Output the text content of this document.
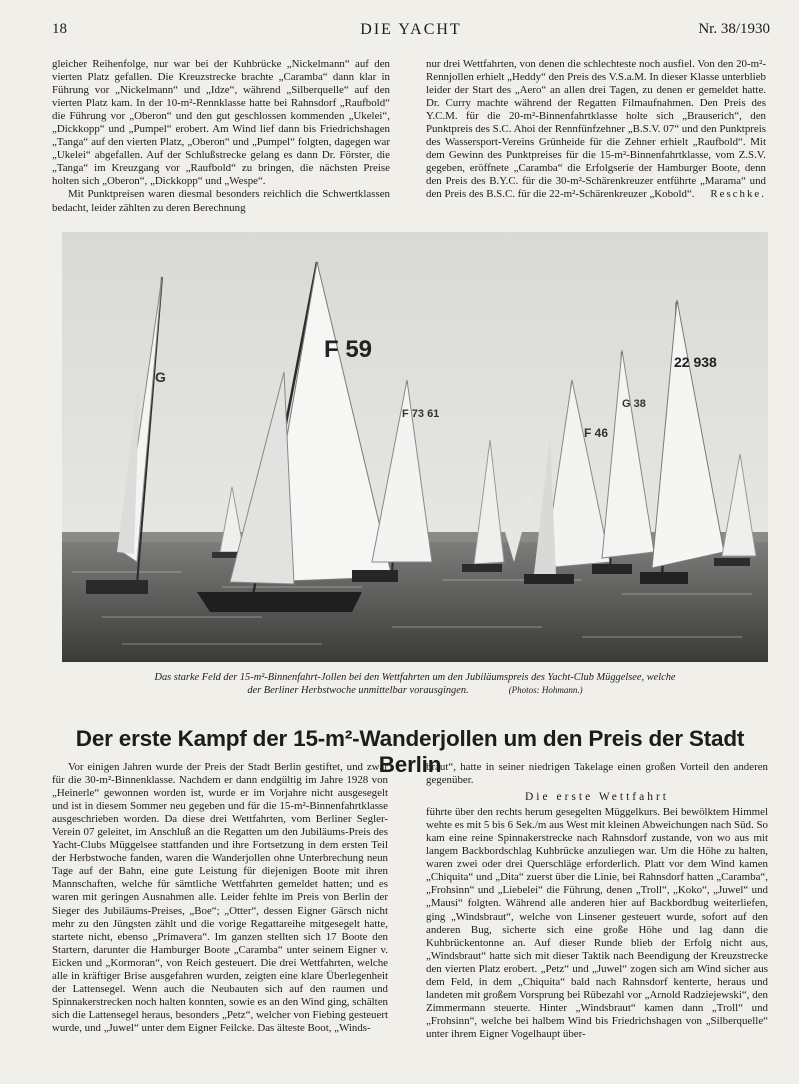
18	DIE YACHT	Nr. 38/1930

gleicher Reihenfolge, nur war bei der Kuhbrücke „Nickelmann“ auf den vierten Platz gefallen. Die Kreuzstrecke brachte „Caramba“ dann klar in Führung vor „Nickelmann“ und „Idze“, während „Silberquelle“ auf den vierten Platz kam. In der 10-m²-Rennklasse hatte bei Rahnsdorf „Raufbold“ die Führung vor „Oberon“ und den gut geschlossen kommenden „Ukelei“, „Dickkopp“ und „Pumpel“ erobert. Am Wind lief dann bis Friedrichshagen „Tanga“ auf den vierten Platz, „Oberon“ und „Pumpel“ folgten, dagegen war „Ukelei“ abgefallen. Auf der Schlußstrecke gelang es dann Dr. Förster, die „Tanga“ im Kreuzgang vor „Raufbold“ zu bringen, die nächsten Preise holten sich „Oberon“, „Dickkopp“ und „Wespe“.

Mit Punktpreisen waren diesmal besonders reichlich die Schwertklassen bedacht, leider zählten zu deren Berechnung

nur drei Wettfahrten, von denen die schlechteste noch ausfiel. Von den 20-m²-Rennjollen erhielt „Heddy“ den Preis des V.S.a.M. In dieser Klasse unterblieb leider der Start des „Aero“ an allen drei Tagen, zu denen er gemeldet hatte. Dr. Curry machte während der Regatten Filmaufnahmen. Den Preis des Y.C.M. für die 20-m²-Binnenfahrtklasse holte sich „Brauserich“, den Punktpreis des S.C. Ahoi der Rennfünfzehner „B.S.V. 07“ und den Punktpreis des Wassersport-Vereins Grünheide für die Zehner erhielt „Raufbold“. Mit dem Gewinn des Punktpreises für die 15-m²-Binnenfahrtklasse, vom Z.S.V. gegeben, eröffnete „Caramba“ die Erfolgserie der Hamburger Boote, denn den Preis des B.Y.C. für die 30-m²-Schärenkreuzer entführte „Marama“ und den Preis des B.S.C. für die 22-m²-Schärenkreuzer „Kobold“. Reschke.

G
F 59
F 73 61
F 46
G 38
22 938
Das starke Feld der 15-m²-Binnenfahrt-Jollen bei den Wettfahrten um den Jubiläumspreis des Yacht-Club Müggelsee, welche
der Berliner Herbstwoche unmittelbar vorausgingen.	(Photos: Hohmann.)
Der erste Kampf der 15-m²-Wanderjollen um den Preis der Stadt Berlin

Vor einigen Jahren wurde der Preis der Stadt Berlin gestiftet, und zwar für die 30-m²-Binnenklasse. Nachdem er dann endgültig im Jahre 1928 von „Heinerle“ gewonnen worden ist, wurde er im Vorjahre nicht ausgesegelt und ist in diesem Sommer neu gegeben und für die 15-m²-Binnenfahrtklasse ausgeschrieben worden. Da diese drei Wettfahrten, vom Berliner Segler-Verein 07 geleitet, im Anschluß an die Regatten um den Jubiläums-Preis des Yacht-Clubs Müggelsee stattfanden und ihre Fortsetzung in dem ersten Teil der Herbstwoche fanden, waren die Wanderjollen ohne Unterbrechung neun Tage auf der Bahn, eine gute Leistung für diejenigen Boote mit ihren Mannschaften, welche für sämtliche Wettfahrten gemeldet hatten; und es waren mit geringen Ausnahmen alle. Leider fehlte im Preis von Berlin der Sieger des Jubiläums-Preises, „Boe“; „Otter“, dessen Eigner Gärsch nicht mehr zu den Jüngsten zählt und die vorige Regattareihe mitgesegelt hatte, startete nicht, ebenso „Primavera“. Im ganzen stellten sich 17 Boote den Startern, darunter die Hamburger Boote „Caramba“ unter seinem Eigner v. Eicken und „Kormoran“, von Reich gesteuert. Die drei Wettfahrten, welche alle in kräftiger Brise ausgefahren wurden, zeigten eine klare Überlegenheit der Lattensegel. Wenn auch die Neubauten sich auf den raumen und Spinnakerstrecken noch halten konnten, sowie es an den Wind ging, schälten sich die Lattensegel heraus, besonders „Petz“, welcher von Fiebing gesteuert wurde, und „Juwel“ unter dem Eigner Feilcke. Das älteste Boot, „Winds-

braut“, hatte in seiner niedrigen Takelage einen großen Vorteil den anderen gegenüber.

Die erste Wettfahrt

führte über den rechts herum gesegelten Müggelkurs. Bei bewölktem Himmel wehte es mit 5 bis 6 Sek./m aus West mit kleinen Abweichungen nach Süd. So kam eine reine Spinnakerstrecke nach Rahnsdorf zustande, von wo aus mit langem Backbordschlag Kuhbrücke anzuliegen war. Um die Höhe zu halten, waren zwei oder drei Querschläge erforderlich. Platt vor dem Wind kamen „Chiquita“ und „Dita“ zuerst über die Linie, bei Rahnsdorf hatten „Caramba“, „Frohsinn“ und „Liebelei“ die Führung, denen „Troll“, „Koko“, „Juwel“ und „Mausi“ folgten. Während alle anderen hier auf Backbordbug weiterliefen, ging „Windsbraut“, welche von Linsener gesteuert wurde, sofort auf den anderen Bug, sicherte sich eine große Höhe und lag dann die Kuhbrückentonne an. Auf dieser Runde blieb der Erfolg nicht aus, „Windsbraut“ hatte sich mit dieser Taktik nach Beendigung der Kreuzstrecke den vierten Platz erobert. „Petz“ und „Juwel“ zogen sich am Wind sicher aus dem Feld, in dem „Chiquita“ bald nach Rahnsdorf kenterte, heraus und landeten mit großem Vorsprung bei Rübezahl vor „Arnold Radziejewski“, den Zimmermann steuerte. Hinter „Windsbraut“ kamen dann „Troll“ und „Frohsinn“, welche bei halbem Wind bis Friedrichshagen von „Silberquelle“ unter ihrem Eigner Vogelhaupt über-
